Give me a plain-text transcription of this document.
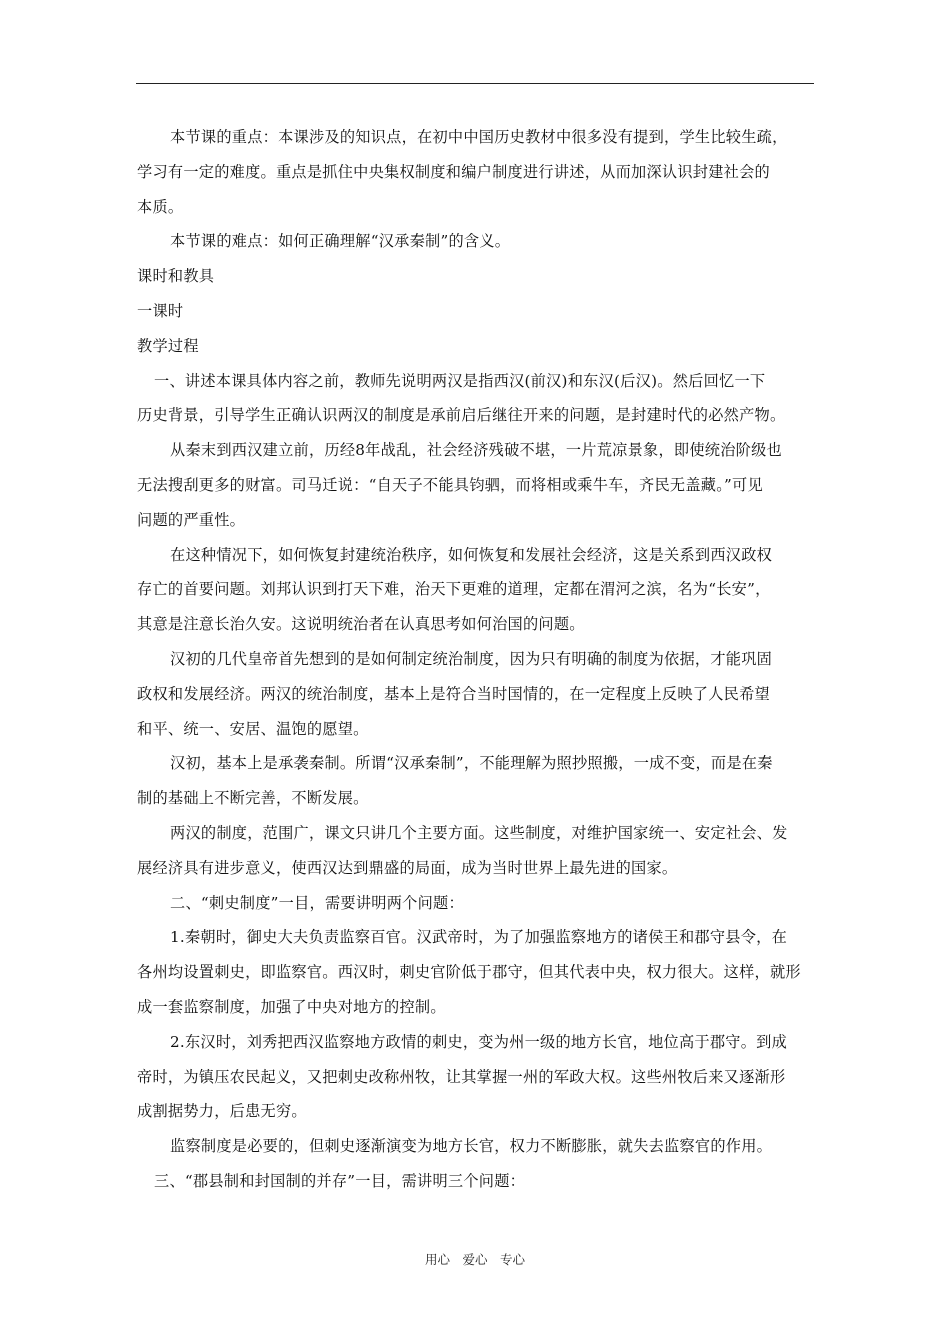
本节课的重点：本课涉及的知识点，在初中中国历史教材中很多没有提到，学生比较生疏，

学习有一定的难度。重点是抓住中央集权制度和编户制度进行讲述，从而加深认识封建社会的

本质。

本节课的难点：如何正确理解“汉承秦制”的含义。

课时和教具

一课时

教学过程

一、讲述本课具体内容之前，教师先说明两汉是指西汉(前汉)和东汉(后汉)。然后回忆一下

历史背景，引导学生正确认识两汉的制度是承前启后继往开来的问题，是封建时代的必然产物。

从秦末到西汉建立前，历经8年战乱，社会经济残破不堪，一片荒凉景象，即使统治阶级也

无法搜刮更多的财富。司马迁说：“自天子不能具钧驷，而将相或乘牛车，齐民无盖藏。”可见

问题的严重性。

在这种情况下，如何恢复封建统治秩序，如何恢复和发展社会经济，这是关系到西汉政权

存亡的首要问题。刘邦认识到打天下难，治天下更难的道理，定都在渭河之滨，名为“长安”，

其意是注意长治久安。这说明统治者在认真思考如何治国的问题。

汉初的几代皇帝首先想到的是如何制定统治制度，因为只有明确的制度为依据，才能巩固

政权和发展经济。两汉的统治制度，基本上是符合当时国情的，在一定程度上反映了人民希望

和平、统一、安居、温饱的愿望。

汉初，基本上是承袭秦制。所谓“汉承秦制”，不能理解为照抄照搬，一成不变，而是在秦

制的基础上不断完善，不断发展。

两汉的制度，范围广，课文只讲几个主要方面。这些制度，对维护国家统一、安定社会、发

展经济具有进步意义，使西汉达到鼎盛的局面，成为当时世界上最先进的国家。

二、“刺史制度”一目，需要讲明两个问题：

1.秦朝时，御史大夫负责监察百官。汉武帝时，为了加强监察地方的诸侯王和郡守县令，在

各州均设置刺史，即监察官。西汉时，刺史官阶低于郡守，但其代表中央，权力很大。这样，就形

成一套监察制度，加强了中央对地方的控制。

2.东汉时，刘秀把西汉监察地方政情的刺史，变为州一级的地方长官，地位高于郡守。到成

帝时，为镇压农民起义，又把刺史改称州牧，让其掌握一州的军政大权。这些州牧后来又逐渐形

成割据势力，后患无穷。

监察制度是必要的，但刺史逐渐演变为地方长官，权力不断膨胀，就失去监察官的作用。

三、“郡县制和封国制的并存”一目，需讲明三个问题：

用心　爱心　专心
